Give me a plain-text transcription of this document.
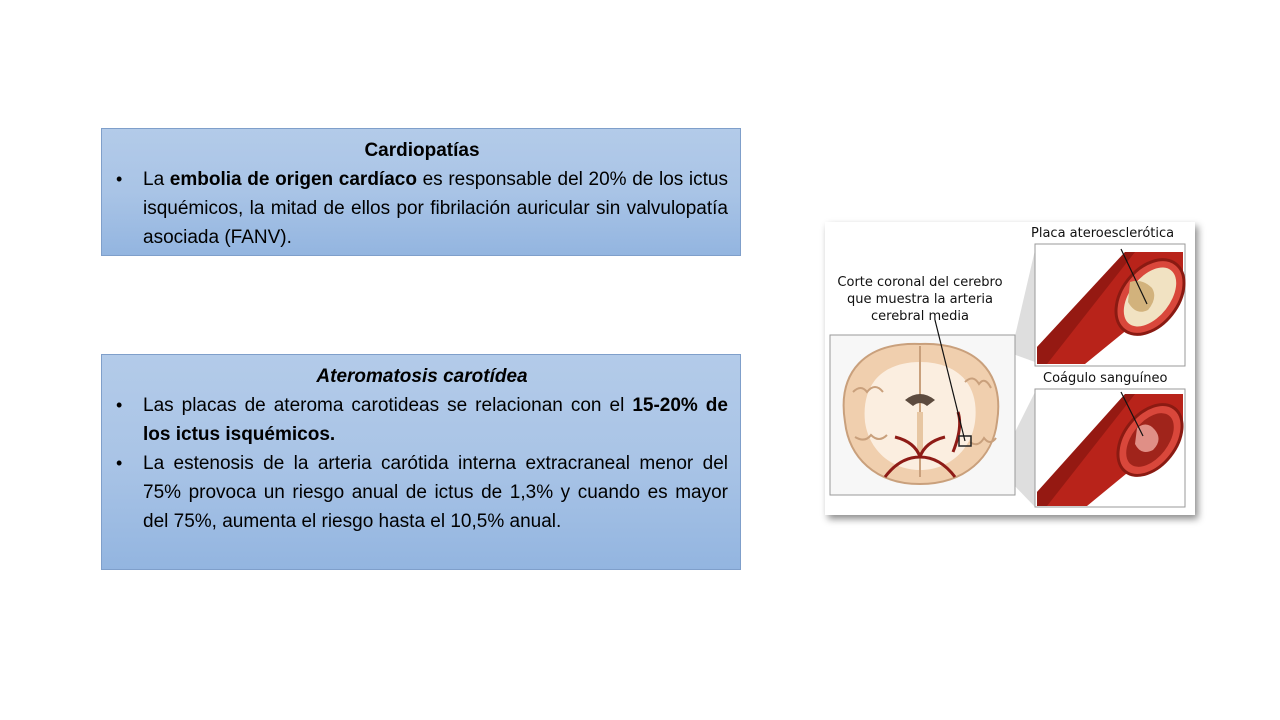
Cardiopatías

•	La embolia de origen cardíaco es responsable del 20% de los ictus isquémicos, la mitad de ellos por fibrilación auricular sin valvulopatía asociada (FANV).

Ateromatosis carotídea

•	Las placas de ateroma carotideas se relacionan con el 15-20% de los ictus isquémicos.
•	La estenosis de la arteria carótida interna extracraneal menor del 75% provoca un riesgo anual de ictus de 1,3% y cuando es mayor del 75%, aumenta el riesgo hasta el 10,5% anual.
Placa ateroesclerótica
Corte coronal del cerebro
que muestra la arteria
cerebral media
Coágulo sanguíneo
